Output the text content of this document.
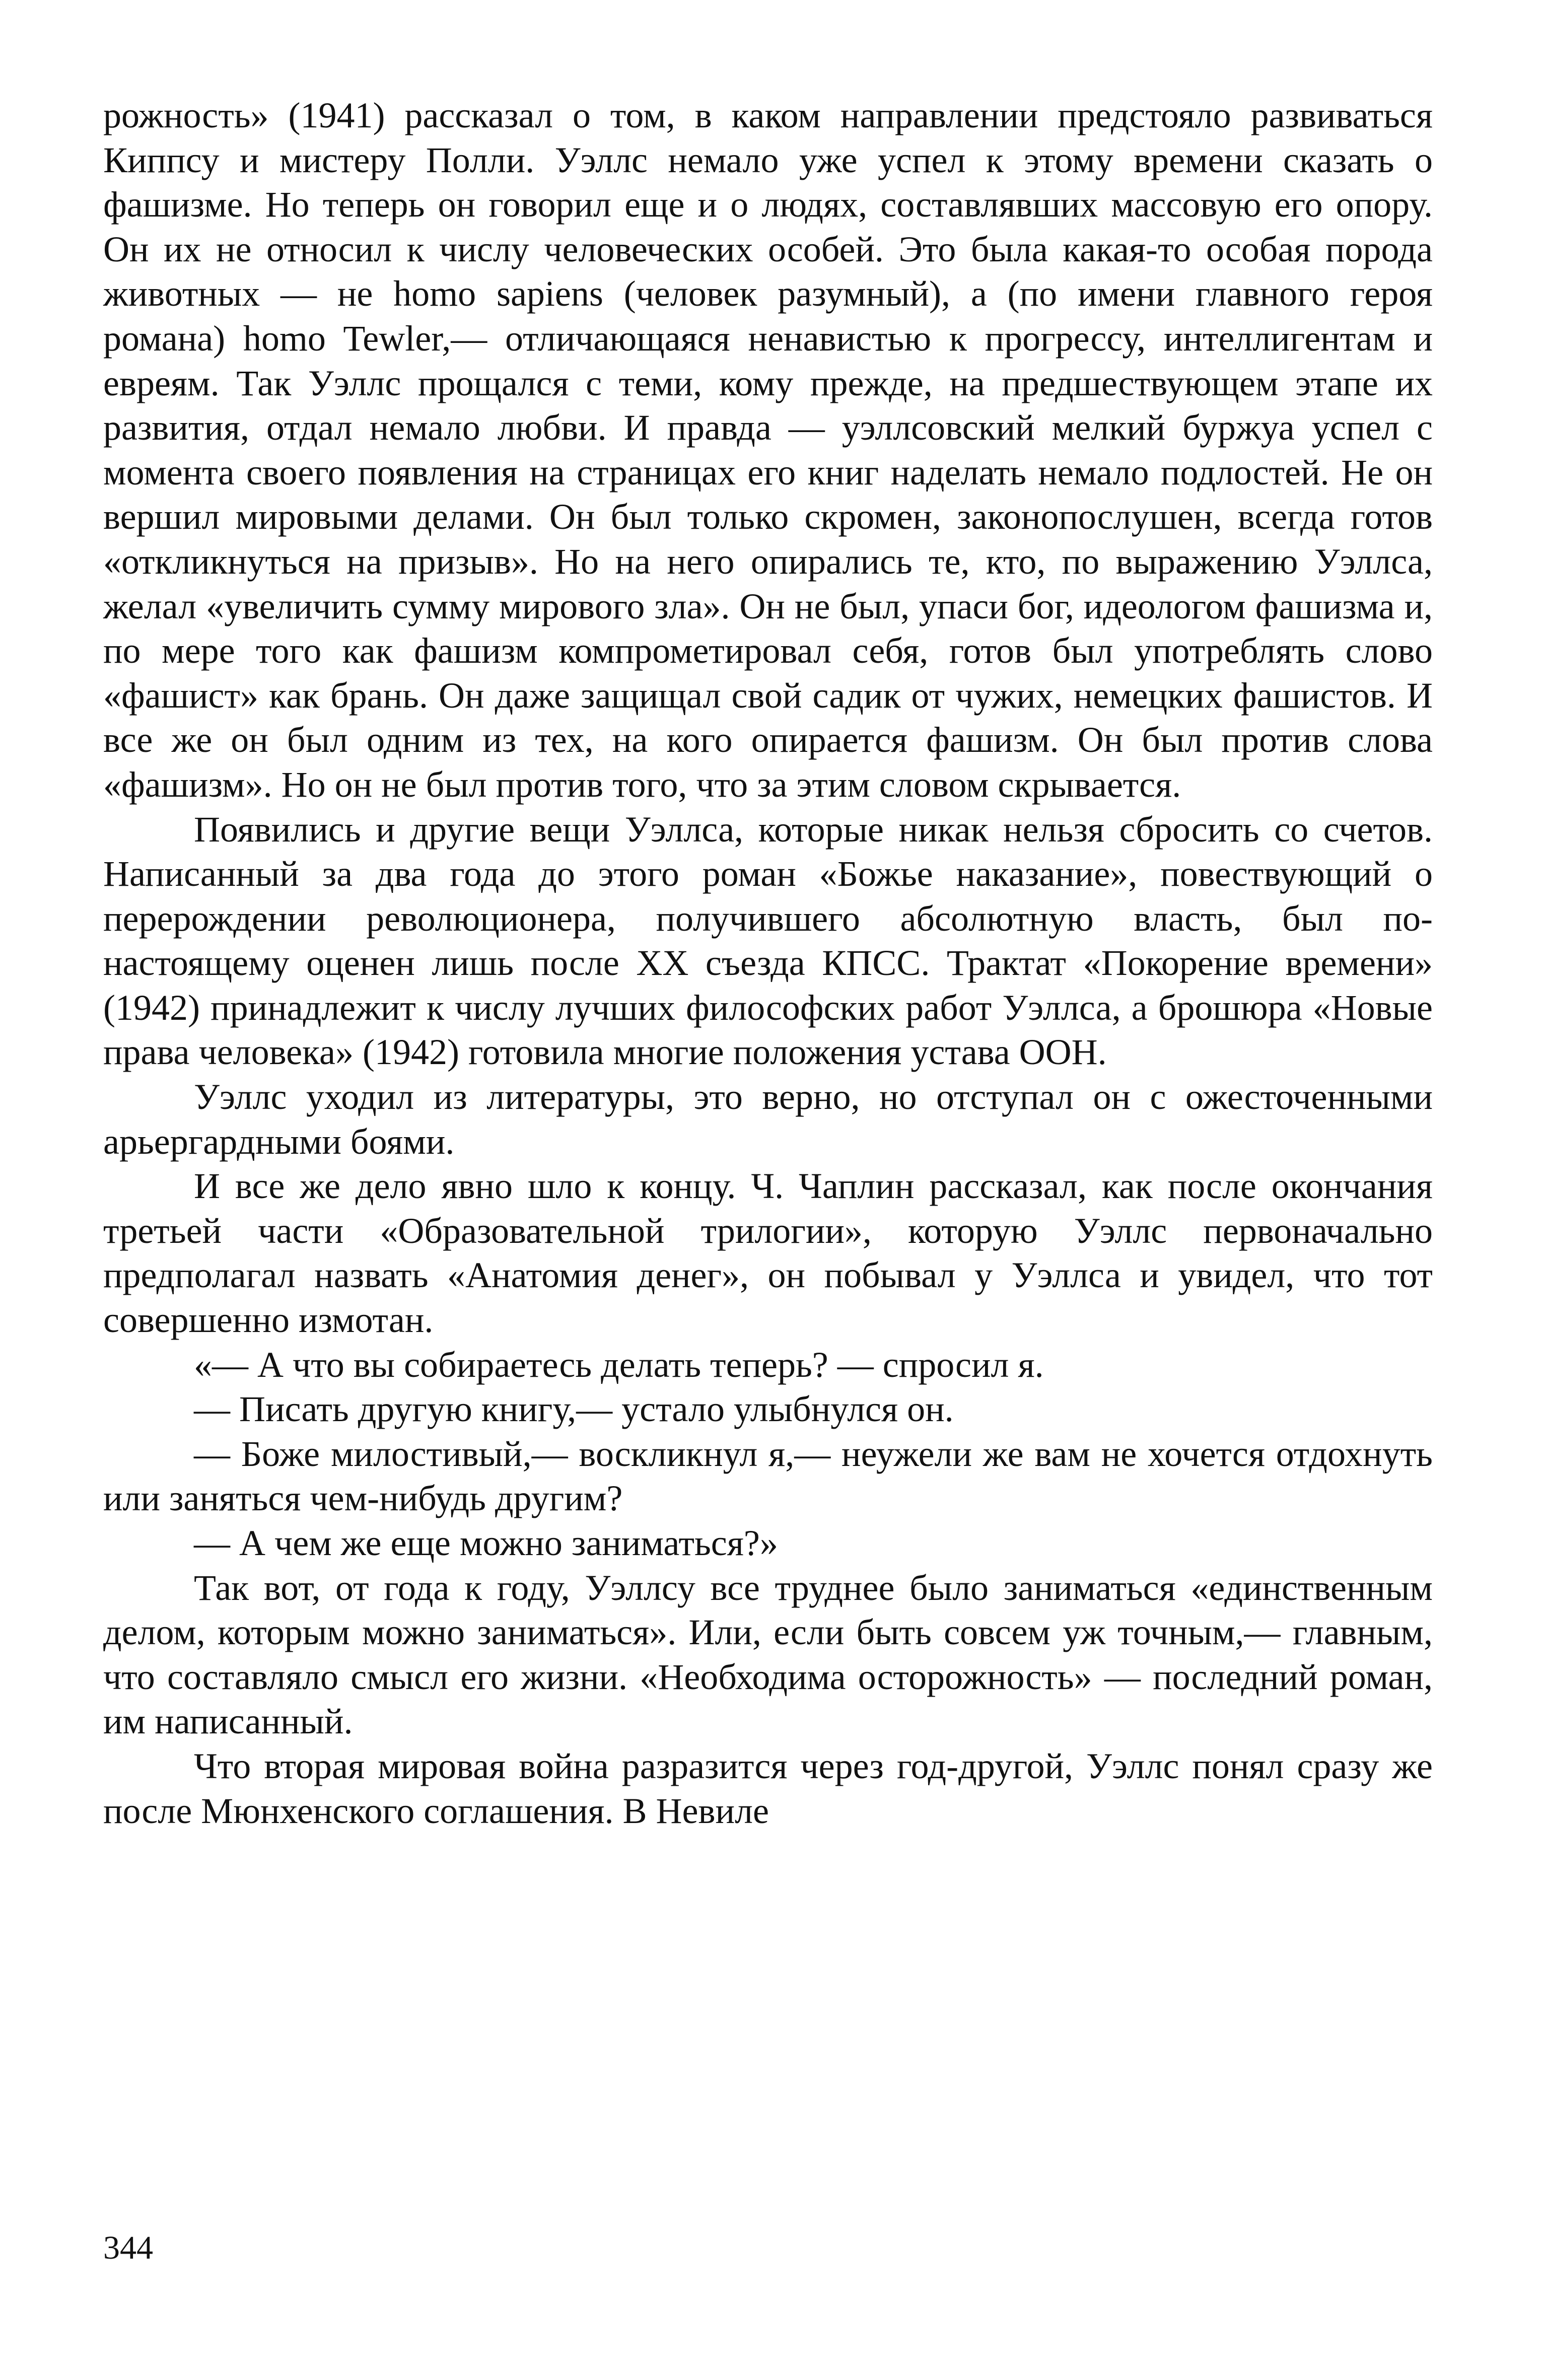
рожность» (1941) рассказал о том, в каком направлении предстояло развиваться Киппсу и мистеру Полли. Уэллс немало уже успел к этому времени сказать о фашизме. Но теперь он говорил еще и о людях, составлявших массовую его опору. Он их не относил к числу человеческих особей. Это была какая-то особая порода животных — не homo sapiens (человек разумный), а (по имени главного героя романа) homo Tewler,— отличающаяся ненавистью к прогрессу, интеллигентам и евреям. Так Уэллс прощался с теми, кому прежде, на предшествующем этапе их развития, отдал немало любви. И правда — уэллсовский мелкий буржуа успел с момента своего появления на страницах его книг наделать немало подлостей. Не он вершил мировыми делами. Он был только скромен, законопослушен, всегда готов «откликнуться на призыв». Но на него опирались те, кто, по выражению Уэллса, желал «увеличить сумму мирового зла». Он не был, упаси бог, идеологом фашизма и, по мере того как фашизм компрометировал себя, готов был употреблять слово «фашист» как брань. Он даже защищал свой садик от чужих, немецких фашистов. И все же он был одним из тех, на кого опирается фашизм. Он был против слова «фашизм». Но он не был против того, что за этим словом скрывается.

Появились и другие вещи Уэллса, которые никак нельзя сбросить со счетов. Написанный за два года до этого роман «Божье наказание», повествующий о перерождении революционера, получившего абсолютную власть, был по-настоящему оценен лишь после XX съезда КПСС. Трактат «Покорение времени» (1942) принадлежит к числу лучших философских работ Уэллса, а брошюра «Новые права человека» (1942) готовила многие положения устава ООН.

Уэллс уходил из литературы, это верно, но отступал он с ожесточенными арьергардными боями.

И все же дело явно шло к концу. Ч. Чаплин рассказал, как после окончания третьей части «Образовательной трилогии», которую Уэллс первоначально предполагал назвать «Анатомия денег», он побывал у Уэллса и увидел, что тот совершенно измотан.

«— А что вы собираетесь делать теперь? — спросил я.

— Писать другую книгу,— устало улыбнулся он.

— Боже милостивый,— воскликнул я,— неужели же вам не хочется отдохнуть или заняться чем-нибудь другим?

— А чем же еще можно заниматься?»

Так вот, от года к году, Уэллсу все труднее было заниматься «единственным делом, которым можно заниматься». Или, если быть совсем уж точным,— главным, что составляло смысл его жизни. «Необходима осторожность» — последний роман, им написанный.

Что вторая мировая война разразится через год-другой, Уэллс понял сразу же после Мюнхенского соглашения. В Невиле

344
